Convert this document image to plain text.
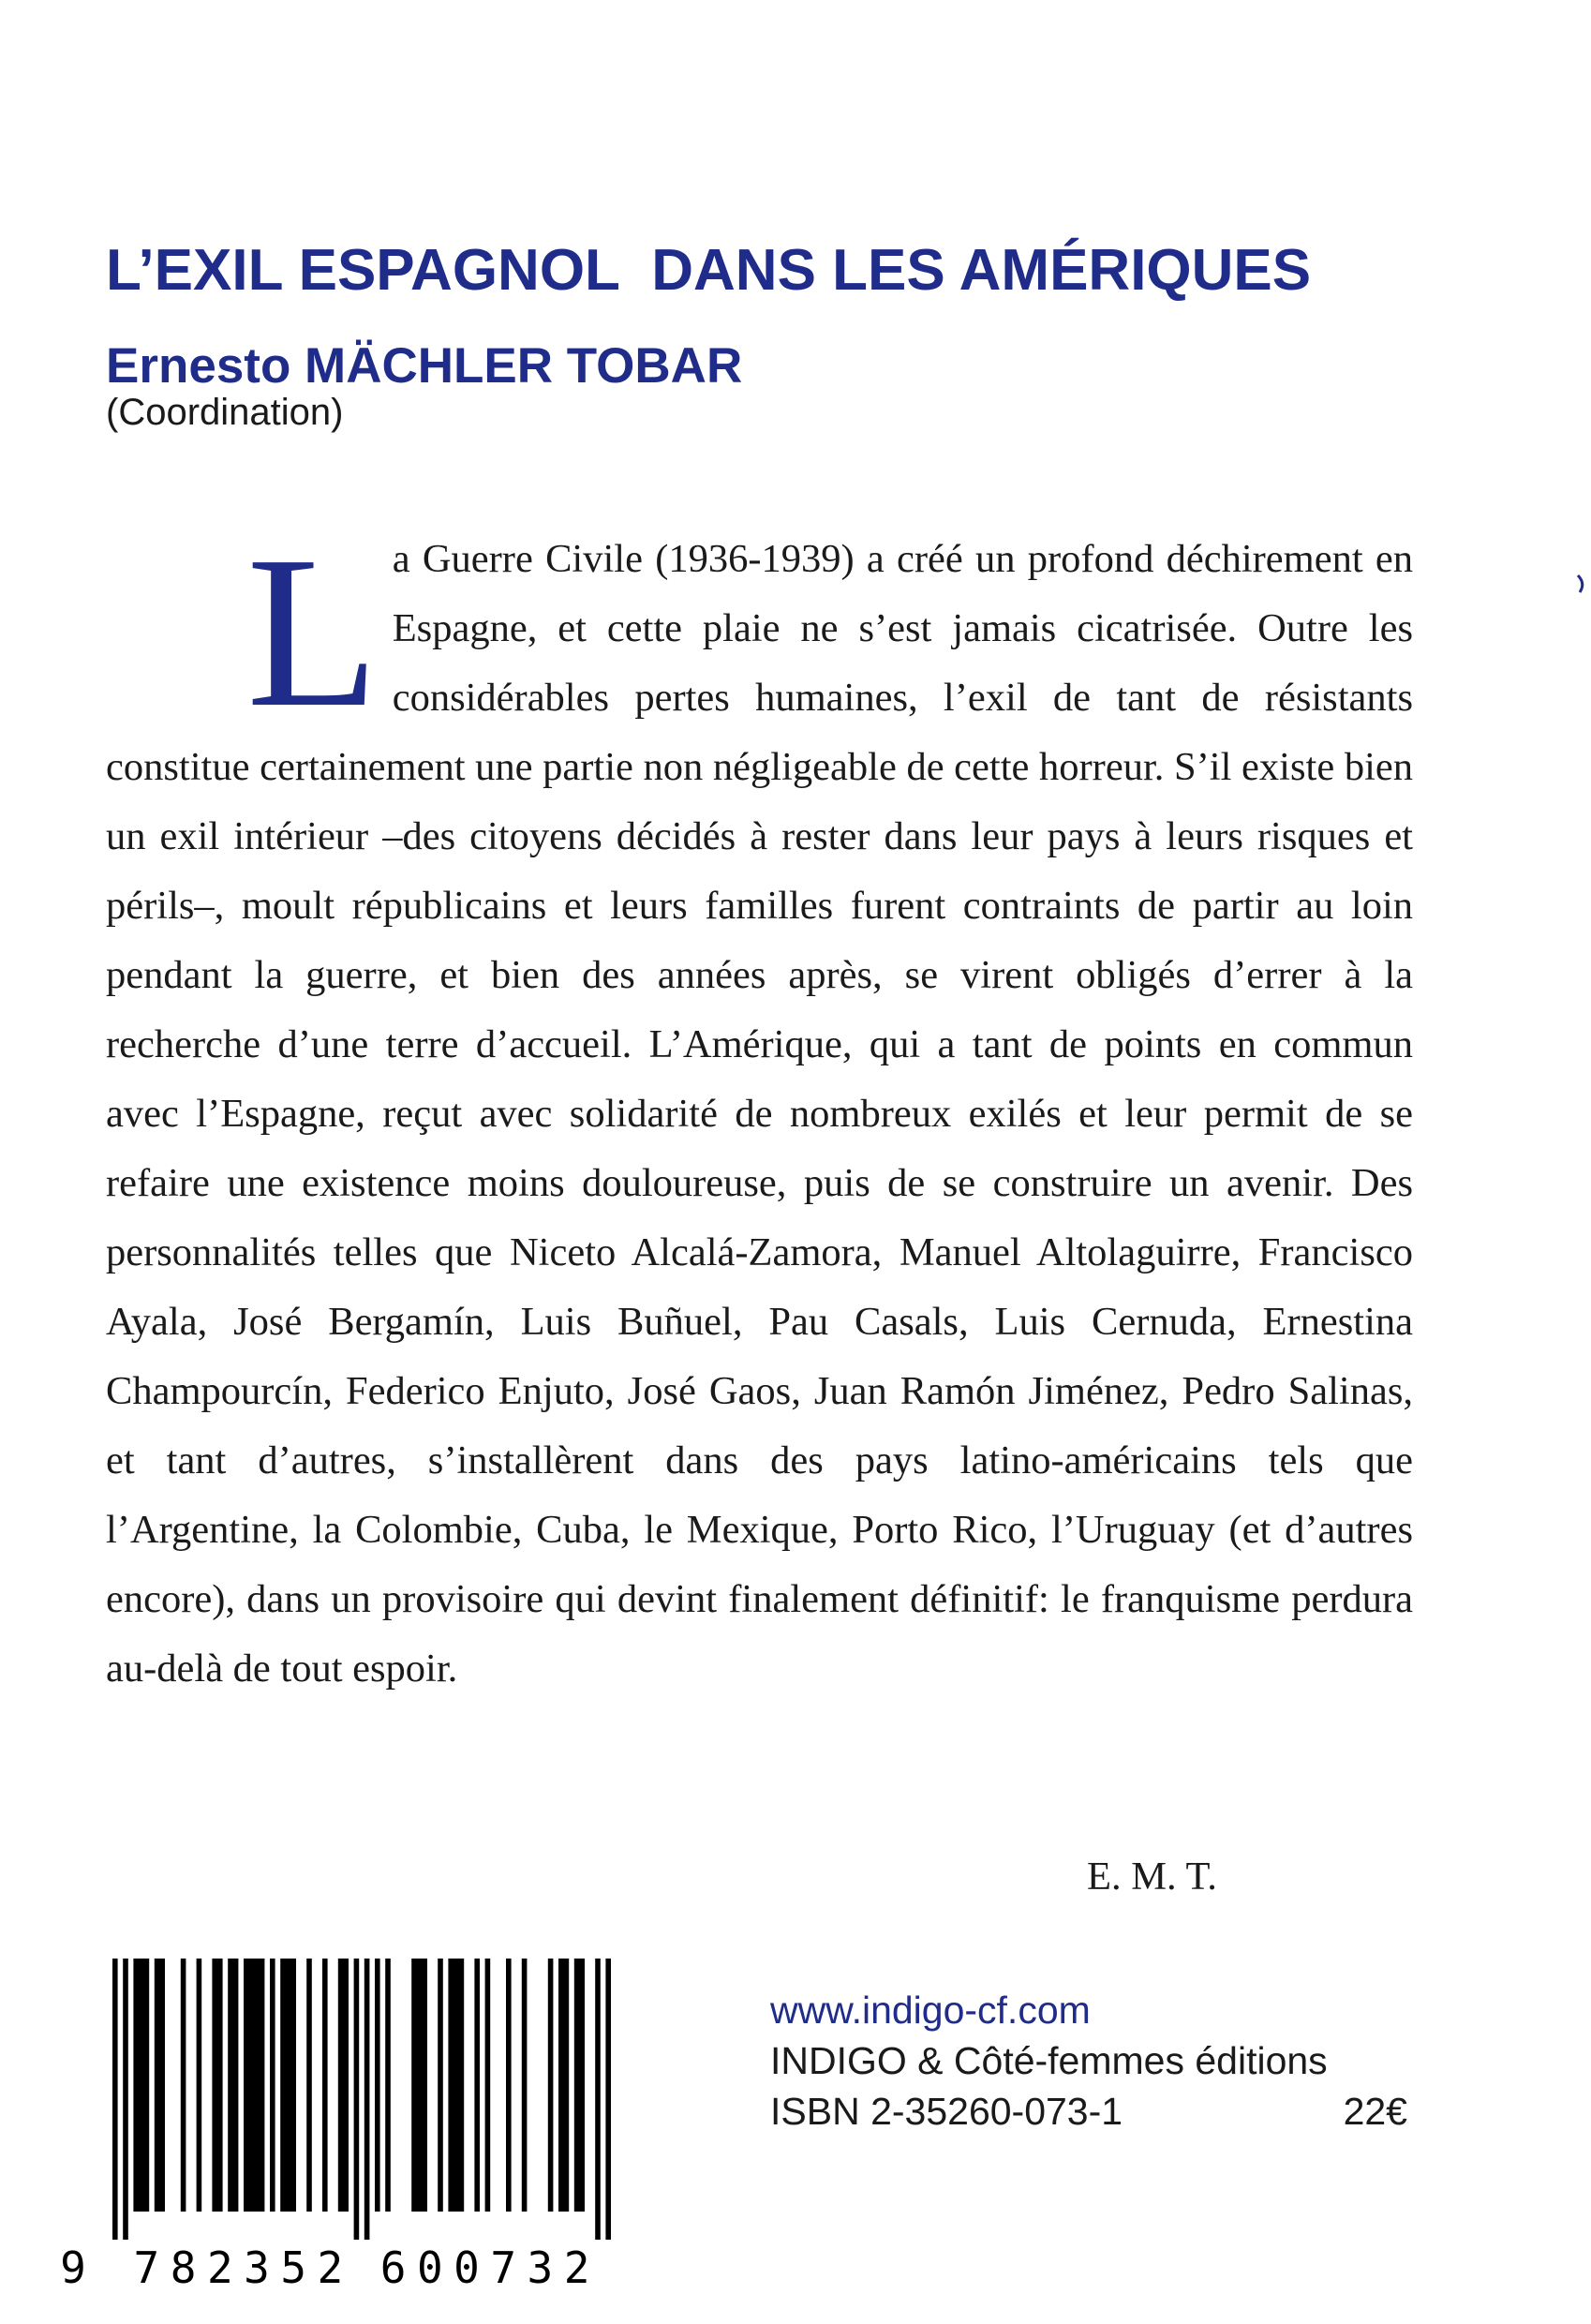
L’EXIL ESPAGNOL  DANS LES AMÉRIQUES
Ernesto MÄCHLER TOBAR

(Coordination)

La Guerre Civile (1936-1939) a créé un profond déchirement en Espagne, et cette plaie ne s’est jamais cicatrisée. Outre les considérables pertes humaines, l’exil de tant de résistants constitue certainement une partie non négligeable de cette horreur. S’il existe bien un exil intérieur –des citoyens décidés à rester dans leur pays à leurs risques et périls–, moult républicains et leurs familles furent contraints de partir au loin pendant la guerre, et bien des années après, se virent obligés d’errer à la recherche d’une terre d’accueil. L’Amérique, qui a tant de points en commun avec l’Espagne, reçut avec solidarité de nombreux exilés et leur permit de se refaire une existence moins douloureuse, puis de se construire un avenir. Des personnalités telles que Niceto Alcalá-Zamora, Manuel Altolaguirre, Francisco Ayala, José Bergamín, Luis Buñuel, Pau Casals, Luis Cernuda, Ernestina Champourcín, Federico Enjuto, José Gaos, Juan Ramón Jiménez, Pedro Salinas, et tant d’autres, s’installèrent dans des pays latino-américains tels que l’Argentine, la Colombie, Cuba, le Mexique, Porto Rico, l’Uruguay (et d’autres encore), dans un provisoire qui devint finalement définitif: le franquisme perdura au-delà de tout espoir.

E. M. T.

9 7 8 2 3 5 2 6 0 0 7 3 2
www.indigo-cf.com
INDIGO & Côté-femmes éditions
ISBN 2-35260-073-1	22€
